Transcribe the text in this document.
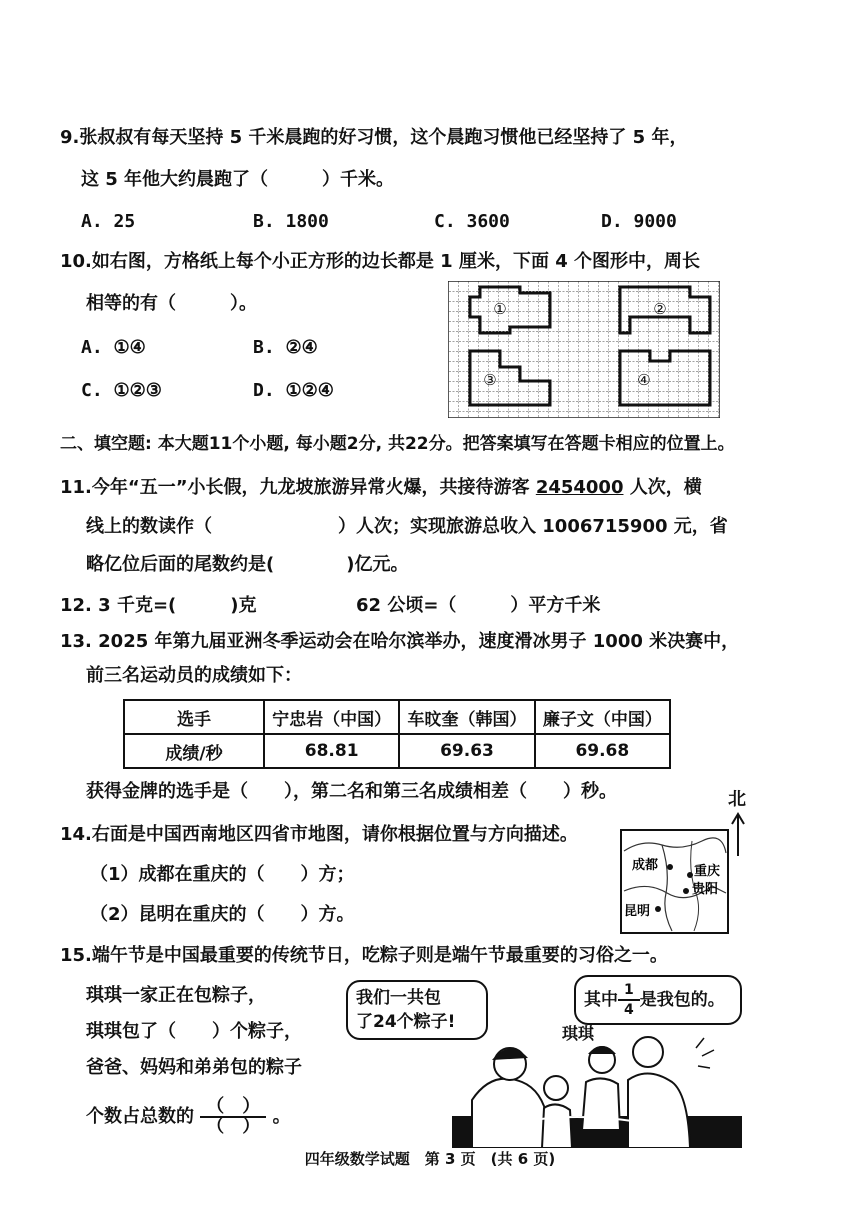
9.张叔叔有每天坚持 5 千米晨跑的好习惯，这个晨跑习惯他已经坚持了 5 年，
这 5 年他大约晨跑了（　　　）千米。
A. 25	B. 1800	C. 3600	D. 9000
10.如右图，方格纸上每个小正方形的边长都是 1 厘米，下面 4 个图形中，周长
相等的有（　　　）。
A. ①④	B. ②④
C. ①②③	D. ①②④
①	②
③	④
二、填空题: 本大题11个小题, 每小题2分, 共22分。把答案填写在答题卡相应的位置上。
11.今年“五一”小长假，九龙坡旅游异常火爆，共接待游客 2454000 人次，横
线上的数读作（　　　　　　　）人次；实现旅游总收入 1006715900 元，省
略亿位后面的尾数约是(　　　　)亿元。
12. 3 千克=(　　　)克	62 公顷=（　　　）平方千米
13. 2025 年第九届亚洲冬季运动会在哈尔滨举办，速度滑冰男子 1000 米决赛中，
前三名运动员的成绩如下：
选手	宁忠岩（中国）	车旼奎（韩国）	廉子文（中国）
成绩/秒	68.81	69.63	69.68
获得金牌的选手是（　　），第二名和第三名成绩相差（　　）秒。	北
14.右面是中国西南地区四省市地图，请你根据位置与方向描述。
（1）成都在重庆的（　　）方；
（2）昆明在重庆的（　　）方。
成都	重庆
贵阳
昆明
15.端午节是中国最重要的传统节日，吃粽子则是端午节最重要的习俗之一。
琪琪一家正在包粽子，
琪琪包了（　　）个粽子，
爸爸、妈妈和弟弟包的粽子
个数占总数的 $\frac{( )}{( )}$ 。
我们一共包
了24个粽子!
其中 $\frac{1}{4}$ 是我包的。
琪琪
四年级数学试题　第 3 页　(共 6 页)
